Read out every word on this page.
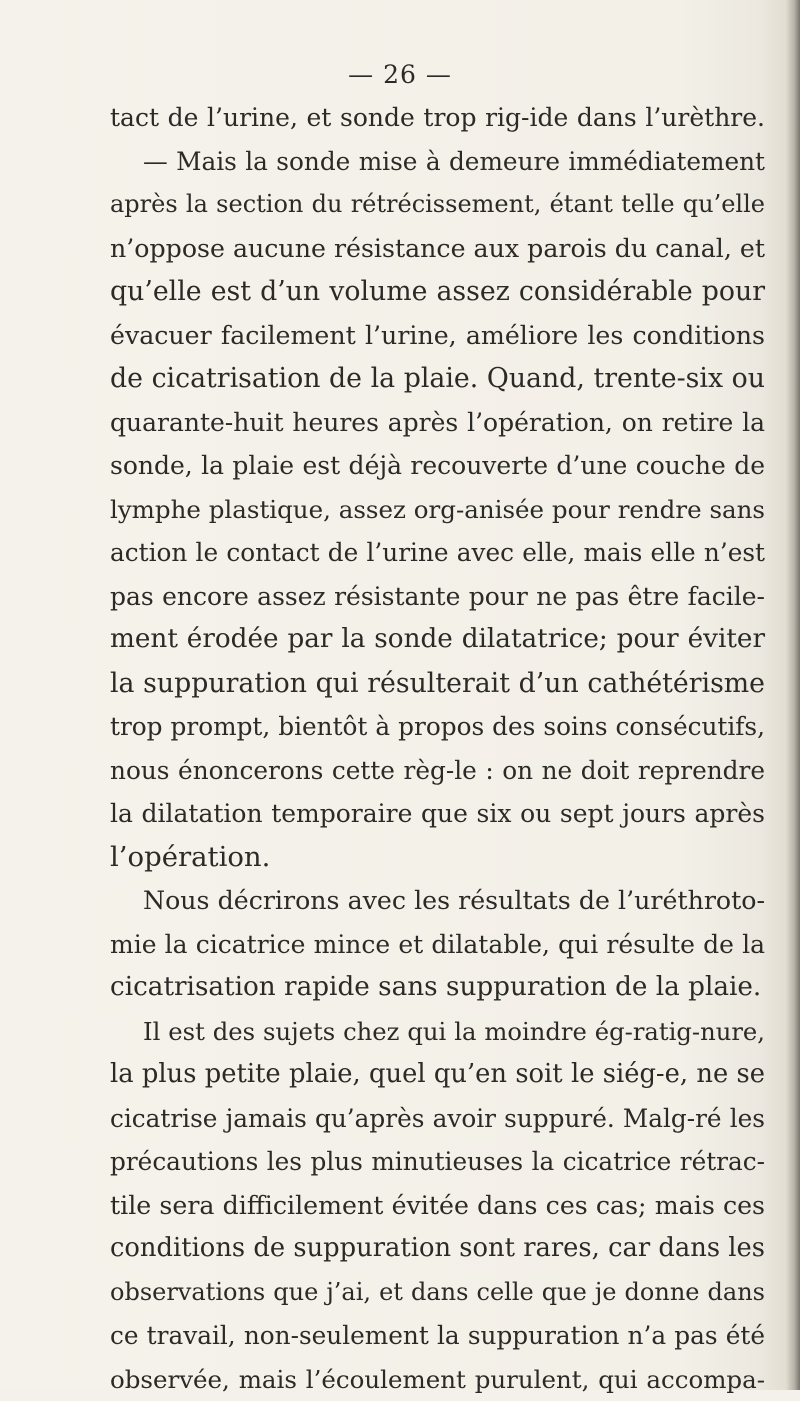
— 26 —
tact de l’urine, et sonde trop rig-ide dans l’urèthre.
— Mais la sonde mise à demeure immédiatement
après la section du rétrécissement, étant telle qu’elle
n’oppose aucune résistance aux parois du canal, et
qu’elle est d’un volume assez considérable pour
évacuer facilement l’urine, améliore les conditions
de cicatrisation de la plaie. Quand, trente-six ou
quarante-huit heures après l’opération, on retire la
sonde, la plaie est déjà recouverte d’une couche de
lymphe plastique, assez org-anisée pour rendre sans
action le contact de l’urine avec elle, mais elle n’est
pas encore assez résistante pour ne pas être facile-
ment érodée par la sonde dilatatrice; pour éviter
la suppuration qui résulterait d’un cathétérisme
trop prompt, bientôt à propos des soins consécutifs,
nous énoncerons cette règ-le : on ne doit reprendre
la dilatation temporaire que six ou sept jours après
l’opération.
Nous décrirons avec les résultats de l’uréthroto-
mie la cicatrice mince et dilatable, qui résulte de la
cicatrisation rapide sans suppuration de la plaie.
Il est des sujets chez qui la moindre ég-ratig-nure,
la plus petite plaie, quel qu’en soit le siég-e, ne se
cicatrise jamais qu’après avoir suppuré. Malg-ré les
précautions les plus minutieuses la cicatrice rétrac-
tile sera difficilement évitée dans ces cas; mais ces
conditions de suppuration sont rares, car dans les
observations que j’ai, et dans celle que je donne dans
ce travail, non-seulement la suppuration n’a pas été
observée, mais l’écoulement purulent, qui accompa-
